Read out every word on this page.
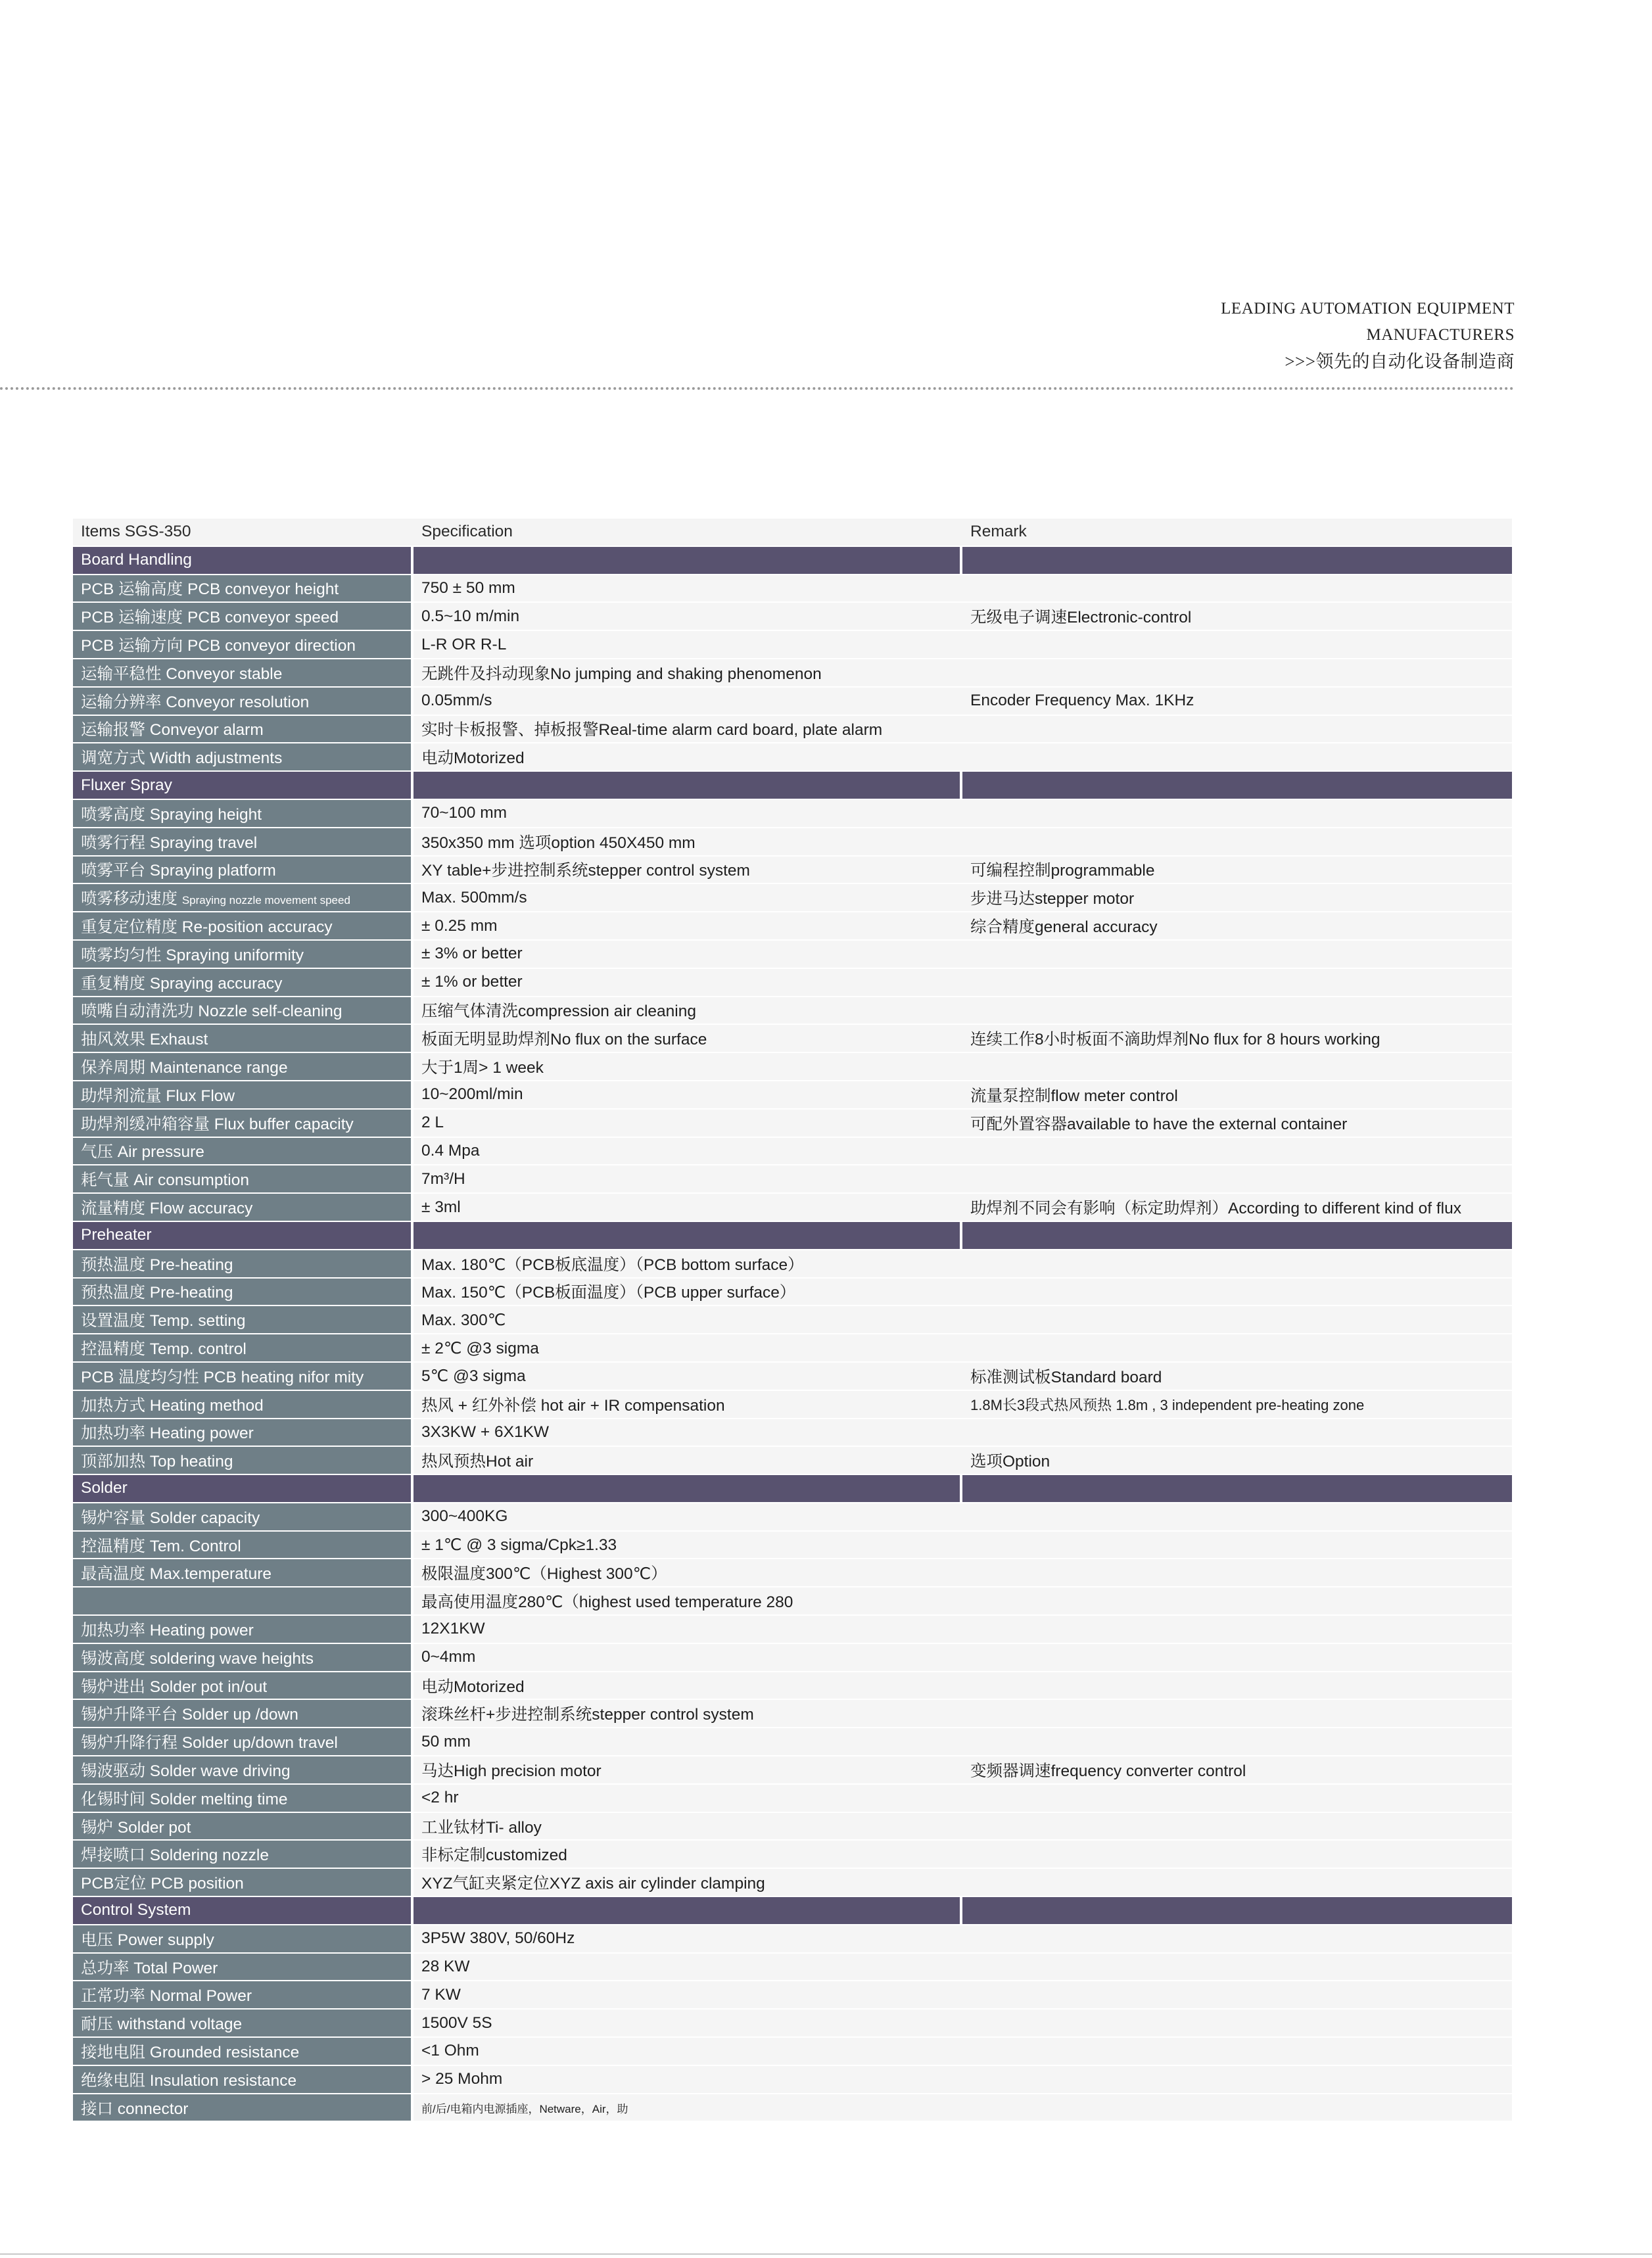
LEADING AUTOMATION EQUIPMENT
MANUFACTURERS
>>>领先的自动化设备制造商
Items SGS-350	Specification	Remark
Board Handling		
PCB 运输高度 PCB conveyor height	750 ± 50 mm	
PCB 运输速度 PCB conveyor speed	0.5~10 m/min	无级电子调速Electronic-control
PCB 运输方向 PCB conveyor direction	L-R OR R-L	
运输平稳性 Conveyor stable	无跳件及抖动现象No jumping and shaking phenomenon	
运输分辨率 Conveyor resolution	0.05mm/s	Encoder Frequency Max. 1KHz
运输报警 Conveyor alarm	实时卡板报警、掉板报警Real-time alarm card board, plate alarm	
调宽方式 Width adjustments	电动Motorized	
Fluxer Spray		
喷雾高度 Spraying height	70~100 mm	
喷雾行程 Spraying travel	350x350 mm 选项option 450X450 mm	
喷雾平台 Spraying platform	XY table+步进控制系统stepper control system	可编程控制programmable
喷雾移动速度 Spraying nozzle movement speed	Max. 500mm/s	步进马达stepper motor
重复定位精度 Re-position accuracy	± 0.25 mm	综合精度general accuracy
喷雾均匀性 Spraying uniformity	± 3% or better	
重复精度 Spraying accuracy	± 1% or better	
喷嘴自动清洗功 Nozzle self-cleaning	压缩气体清洗compression air cleaning	
抽风效果 Exhaust	板面无明显助焊剂No flux on the surface	连续工作8小时板面不滴助焊剂No flux for 8 hours working
保养周期 Maintenance range	大于1周> 1 week	
助焊剂流量 Flux Flow	10~200ml/min	流量泵控制flow meter control
助焊剂缓冲箱容量 Flux buffer capacity	2 L	可配外置容器available to have the external container
气压 Air pressure	0.4 Mpa	
耗气量 Air consumption	7m³/H	
流量精度 Flow accuracy	± 3ml	助焊剂不同会有影响（标定助焊剂）According to different kind of flux
Preheater		
预热温度 Pre-heating	Max. 180℃（PCB板底温度）（PCB bottom surface）	
预热温度 Pre-heating	Max. 150℃（PCB板面温度）（PCB upper surface）	
设置温度 Temp. setting	Max. 300℃	
控温精度 Temp. control	± 2℃ @3 sigma	
PCB 温度均匀性 PCB heating nifor mity	5℃ @3 sigma	标准测试板Standard board
加热方式 Heating method	热风 + 红外补偿 hot air + IR compensation	1.8M长3段式热风预热 1.8m , 3 independent pre-heating zone
加热功率 Heating power	3X3KW + 6X1KW	
顶部加热 Top heating	热风预热Hot air	选项Option
Solder		
锡炉容量 Solder capacity	300~400KG	
控温精度 Tem. Control	± 1℃ @ 3 sigma/Cpk≥1.33	
最高温度 Max.temperature	极限温度300℃（Highest 300℃）	
	最高使用温度280℃（highest used temperature 280	
加热功率 Heating power	12X1KW	
锡波高度 soldering wave heights	0~4mm	
锡炉进出 Solder pot in/out	电动Motorized	
锡炉升降平台 Solder up /down	滚珠丝杆+步进控制系统stepper control system	
锡炉升降行程 Solder up/down travel	50 mm	
锡波驱动 Solder wave driving	马达High precision motor	变频器调速frequency converter control
化锡时间 Solder melting time	<2 hr	
锡炉 Solder pot	工业钛材Ti- alloy	
焊接喷口 Soldering nozzle	非标定制customized	
PCB定位 PCB position	XYZ气缸夹紧定位XYZ axis air cylinder clamping	
Control System		
电压 Power supply	3P5W 380V, 50/60Hz	
总功率 Total Power	28 KW	
正常功率 Normal Power	7 KW	
耐压 withstand voltage	1500V 5S	
接地电阻 Grounded resistance	<1 Ohm	
绝缘电阻 Insulation resistance	> 25 Mohm	
接口 connector	前/后/电箱内电源插座，Netware，Air，助	
